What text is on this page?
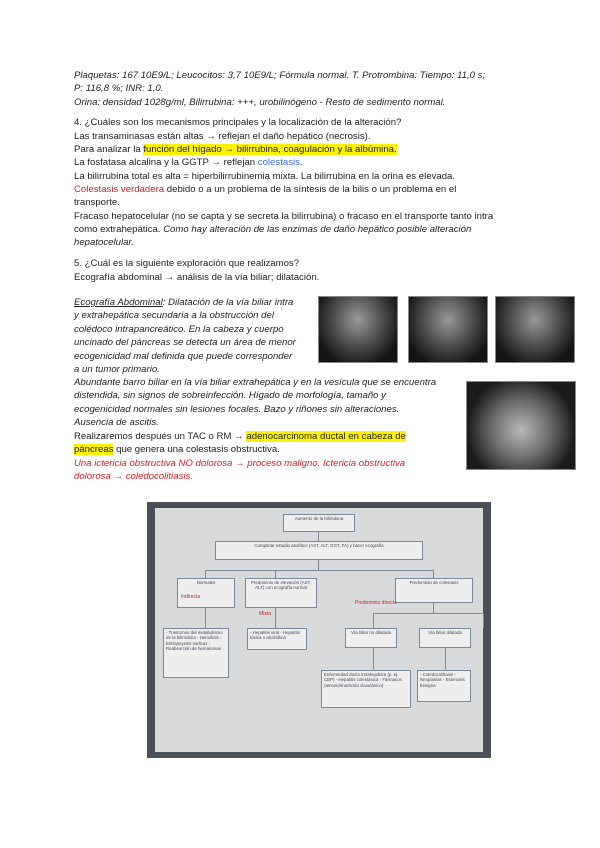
Plaquetas: 167 10E9/L; Leucocitos: 3,7 10E9/L; Fórmula normal. T. Protrombina: Tiempo: 11,0 s;

P: 116,8 %; INR: 1,0.

Orina: densidad 1028g/ml, Bilirrubina: +++, urobilinógeno - Resto de sedimento normal.

4. ¿Cuáles son los mecanismos principales y la localización de la alteración?

Las transaminasas están altas → reflejan el daño hepático (necrosis).

Para analizar la función del hígado → bilirrubina, coagulación y la albúmina.

La fosfatasa alcalina y la GGTP → reflejan colestasis.

La bilirrubina total es alta = hiperbilirrubinemia mixta. La bilirrubina en la orina es elevada.

Colestasis verdadera debido o a un problema de la síntesis de la bilis o un problema en el

transporte.

Fracaso hepatocelular (no se capta y se secreta la bilirrubina) o fracaso en el transporte tanto intra

como extrahepática. Como hay alteración de las enzimas de daño hepático posible alteración

hepatocelular.

5. ¿Cuál es la siguiente exploración que realizamos?

Ecografía abdominal → análisis de la vía biliar; dilatación.

Ecografía Abdominal: Dilatación de la vía biliar intra

y extrahepática secundaria a la obstrucción del

colédoco intrapancreático. En la cabeza y cuerpo

uncinado del páncreas se detecta un área de menor

ecogenicidad mal definida que puede corresponder

a un tumor primario.

Abundante barro biliar en la vía biliar extrahepática y en la vesícula que se encuentra

distendida, sin signos de sobreinfección. Hígado de morfología, tamaño y

ecogenicidad normales sin lesiones focales. Bazo y riñones sin alteraciones.

Ausencia de ascitis.

Realizaremos después un TAC o RM → adenocarcinoma ductal en cabeza de

páncreas que genera una colestasis obstructiva.

Una ictericia obstructiva NO dolorosa → proceso maligno. Ictericia obstructiva

dolorosa → coledocolitiasis.

Aumento de la bilirrubina
Completar estudio analítico (AST, ALT, GGT, FA) y hacer ecografía
Normales
Indirecta
Predominio de elevación (AST, ALT) con ecografía normal
Mixta
Predominio de colestasis
Predominio directa
- Trastornos del metabolismo de la bilirrubina - Hemólisis - Eritropoyesis ineficaz - Reabsorción de hematomas
- Hepatitis viral - Hepatitis tóxica o alcohólica
Vía biliar no dilatada	Vía biliar dilatada
Enfermedad ducto intrahepática (p. ej. CBP) - Hepatitis colestásica - Fármacos (amoxicilina/ácido clavulánico)
- Coledocolitiasis - Neoplasias - Estenosis benigna
